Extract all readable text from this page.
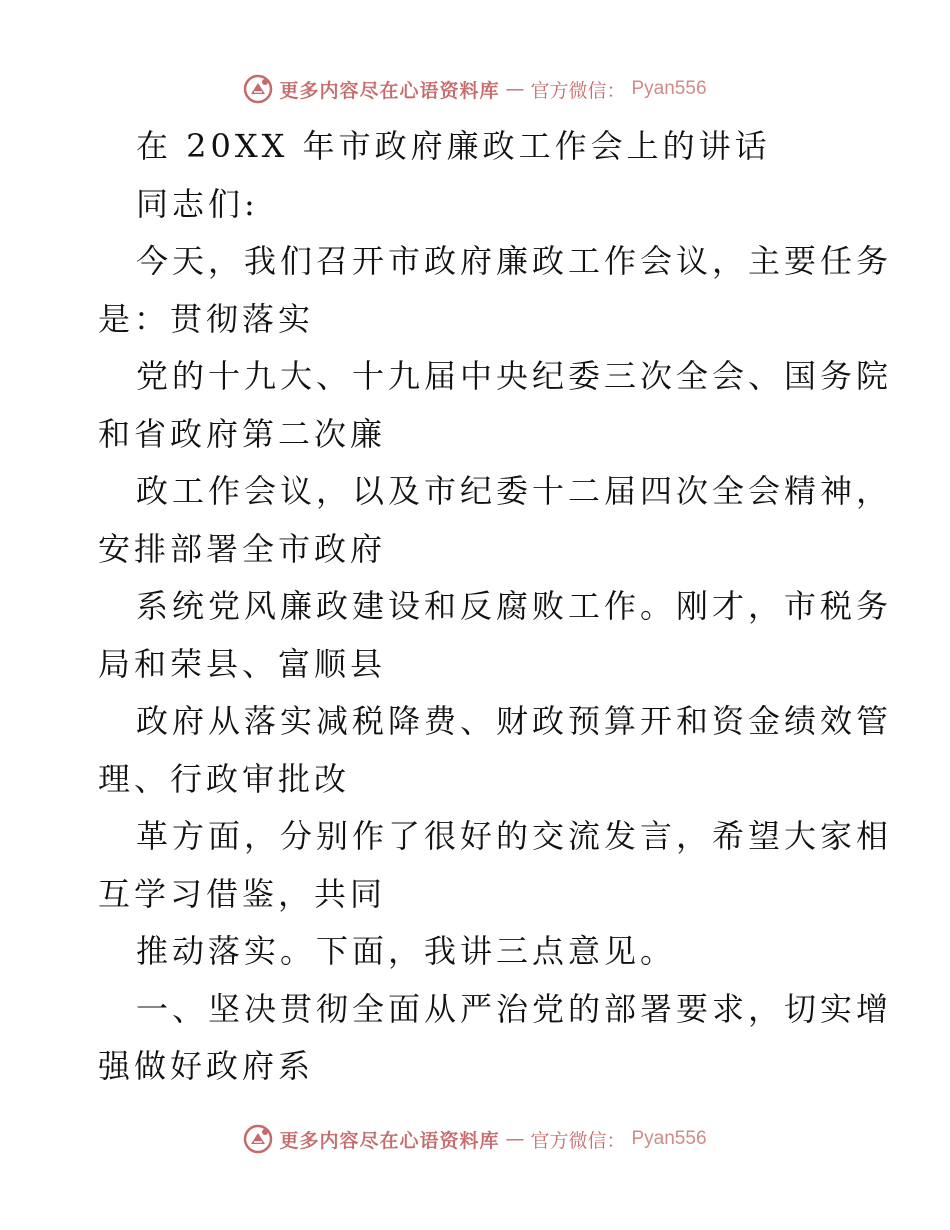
更多内容尽在心语资料库 — 官方微信： Pyan556
在 20XX 年市政府廉政工作会上的讲话
同志们:
今天，我们召开市政府廉政工作会议，主要任务
是：贯彻落实
党的十九大、十九届中央纪委三次全会、国务院
和省政府第二次廉
政工作会议，以及市纪委十二届四次全会精神，
安排部署全市政府
系统党风廉政建设和反腐败工作。刚才，市税务
局和荣县、富顺县
政府从落实减税降费、财政预算开和资金绩效管
理、行政审批改
革方面，分别作了很好的交流发言，希望大家相
互学习借鉴，共同
推动落实。下面，我讲三点意见。
一、坚决贯彻全面从严治党的部署要求，切实增
强做好政府系
更多内容尽在心语资料库 — 官方微信： Pyan556
